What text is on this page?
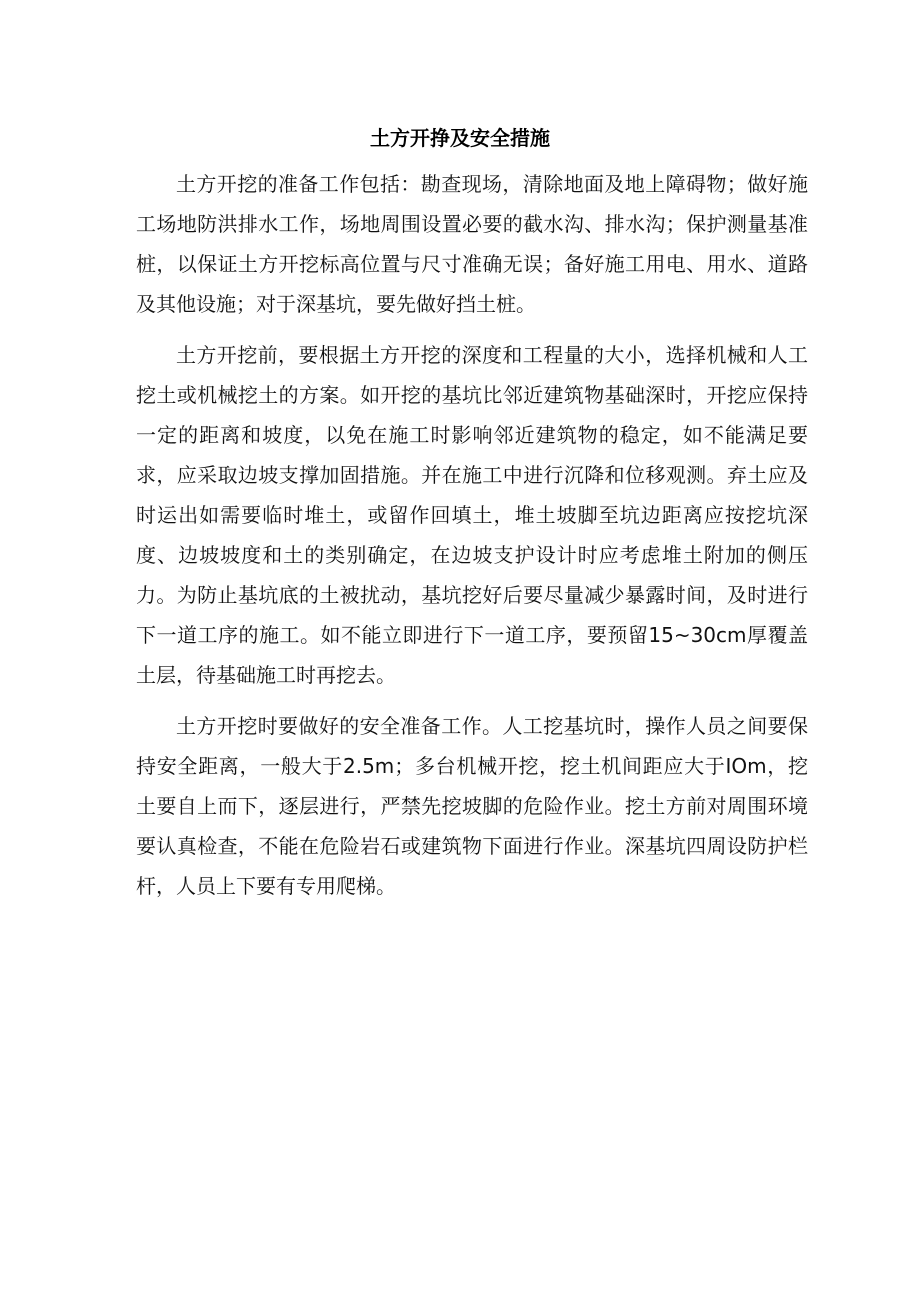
土方开挣及安全措施

土方开挖的准备工作包括：勘查现场，清除地面及地上障碍物；做好施工场地防洪排水工作，场地周围设置必要的截水沟、排水沟；保护测量基准桩，以保证土方开挖标高位置与尺寸准确无误；备好施工用电、用水、道路及其他设施；对于深基坑，要先做好挡土桩。

土方开挖前，要根据土方开挖的深度和工程量的大小，选择机械和人工挖土或机械挖土的方案。如开挖的基坑比邻近建筑物基础深时，开挖应保持一定的距离和坡度，以免在施工时影响邻近建筑物的稳定，如不能满足要求，应采取边坡支撑加固措施。并在施工中进行沉降和位移观测。弃土应及时运出如需要临时堆土，或留作回填土，堆土坡脚至坑边距离应按挖坑深度、边坡坡度和土的类别确定，在边坡支护设计时应考虑堆土附加的侧压力。为防止基坑底的土被扰动，基坑挖好后要尽量减少暴露时间，及时进行下一道工序的施工。如不能立即进行下一道工序，要预留15~30cm厚覆盖土层，待基础施工时再挖去。

土方开挖时要做好的安全准备工作。人工挖基坑时，操作人员之间要保持安全距离，一般大于2.5m；多台机械开挖，挖土机间距应大于IOm，挖土要自上而下，逐层进行，严禁先挖坡脚的危险作业。挖土方前对周围环境要认真检查，不能在危险岩石或建筑物下面进行作业。深基坑四周设防护栏杆，人员上下要有专用爬梯。
